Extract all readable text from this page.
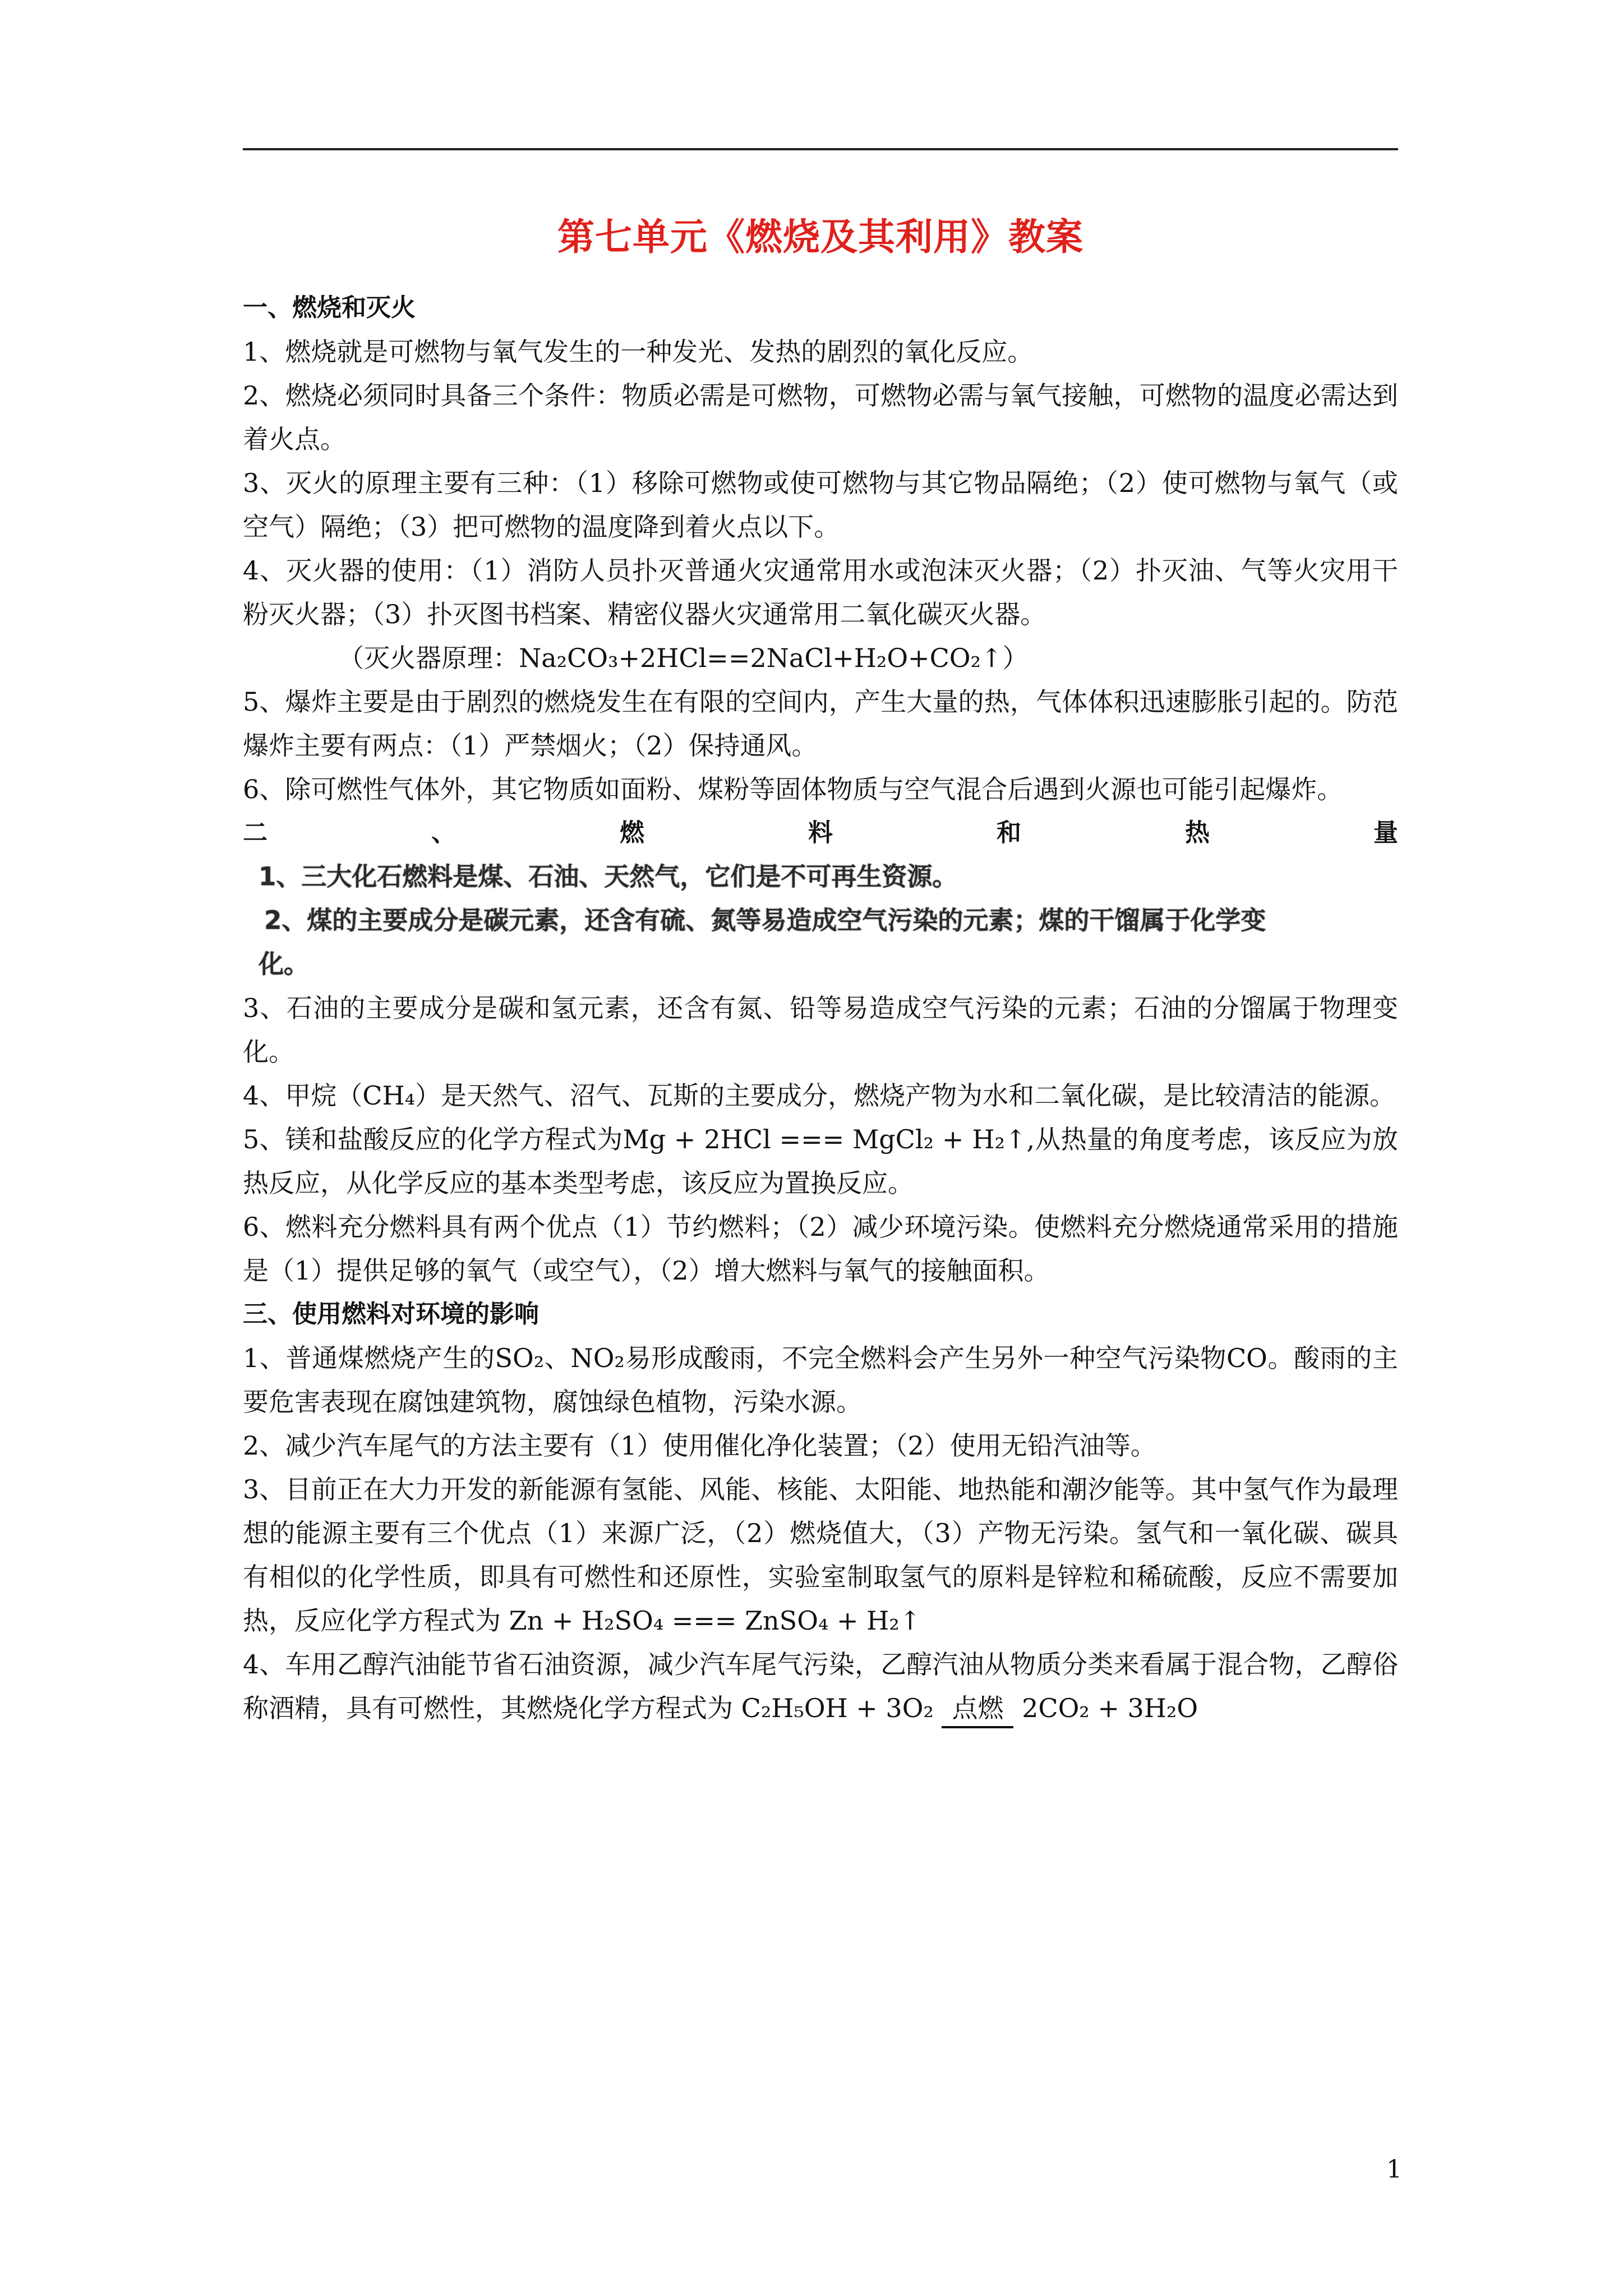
第七单元《燃烧及其利用》教案

一、燃烧和灭火

1、燃烧就是可燃物与氧气发生的一种发光、发热的剧烈的氧化反应。

2、燃烧必须同时具备三个条件：物质必需是可燃物，可燃物必需与氧气接触，可燃物的温度必需达到着火点。

3、灭火的原理主要有三种：（1）移除可燃物或使可燃物与其它物品隔绝；（2）使可燃物与氧气（或空气）隔绝；（3）把可燃物的温度降到着火点以下。

4、灭火器的使用：（1）消防人员扑灭普通火灾通常用水或泡沫灭火器；（2）扑灭油、气等火灾用干粉灭火器；（3）扑灭图书档案、精密仪器火灾通常用二氧化碳灭火器。

（灭火器原理：Na₂CO₃+2HCl==2NaCl+H₂O+CO₂↑）

5、爆炸主要是由于剧烈的燃烧发生在有限的空间内，产生大量的热，气体体积迅速膨胀引起的。防范爆炸主要有两点：（1）严禁烟火；（2）保持通风。

6、除可燃性气体外，其它物质如面粉、煤粉等固体物质与空气混合后遇到火源也可能引起爆炸。

二	、	燃	料	和	热	量

1、三大化石燃料是煤、石油、天然气，它们是不可再生资源。

2、煤的主要成分是碳元素，还含有硫、氮等易造成空气污染的元素；煤的干馏属于化学变

化。

3、石油的主要成分是碳和氢元素，还含有氮、铅等易造成空气污染的元素；石油的分馏属于物理变化。

4、甲烷（CH₄）是天然气、沼气、瓦斯的主要成分，燃烧产物为水和二氧化碳，是比较清洁的能源。

5、镁和盐酸反应的化学方程式为Mg + 2HCl === MgCl₂ + H₂↑,从热量的角度考虑，该反应为放热反应，从化学反应的基本类型考虑，该反应为置换反应。

6、燃料充分燃料具有两个优点（1）节约燃料；（2）减少环境污染。使燃料充分燃烧通常采用的措施是（1）提供足够的氧气（或空气），（2）增大燃料与氧气的接触面积。

三、使用燃料对环境的影响

1、普通煤燃烧产生的SO₂、NO₂易形成酸雨，不完全燃料会产生另外一种空气污染物CO。酸雨的主要危害表现在腐蚀建筑物，腐蚀绿色植物，污染水源。

2、减少汽车尾气的方法主要有（1）使用催化净化装置；（2）使用无铅汽油等。

3、目前正在大力开发的新能源有氢能、风能、核能、太阳能、地热能和潮汐能等。其中氢气作为最理想的能源主要有三个优点（1）来源广泛，（2）燃烧值大，（3）产物无污染。氢气和一氧化碳、碳具有相似的化学性质，即具有可燃性和还原性，实验室制取氢气的原料是锌粒和稀硫酸，反应不需要加热，反应化学方程式为 Zn + H₂SO₄ === ZnSO₄ + H₂↑

4、车用乙醇汽油能节省石油资源，减少汽车尾气污染，乙醇汽油从物质分类来看属于混合物，乙醇俗称酒精，具有可燃性，其燃烧化学方程式为 C₂H₅OH + 3O₂ 点燃 2CO₂ + 3H₂O

1
